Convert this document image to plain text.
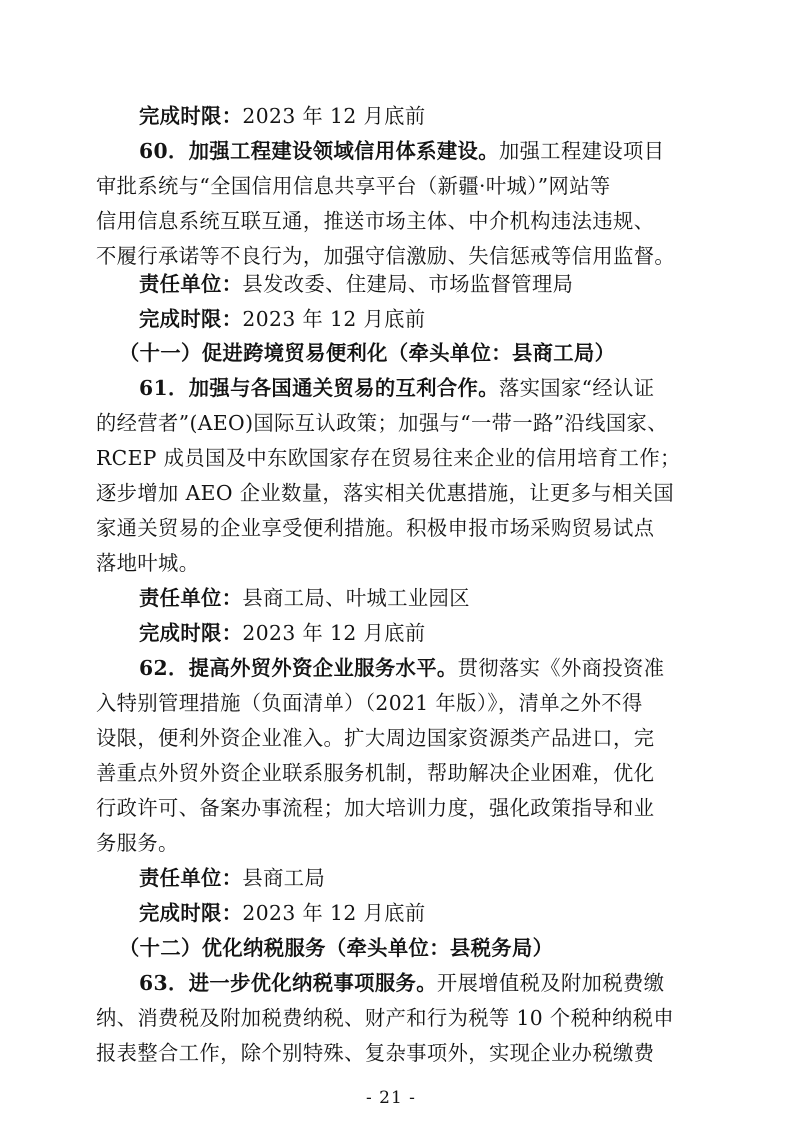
完成时限：2023 年 12 月底前
60．加强工程建设领域信用体系建设。加强工程建设项目
审批系统与“全国信用信息共享平台（新疆·叶城）”网站等
信用信息系统互联互通，推送市场主体、中介机构违法违规、
不履行承诺等不良行为，加强守信激励、失信惩戒等信用监督。
责任单位：县发改委、住建局、市场监督管理局
完成时限：2023 年 12 月底前
（十一）促进跨境贸易便利化（牵头单位：县商工局）
61．加强与各国通关贸易的互利合作。落实国家“经认证
的经营者”(AEO)国际互认政策；加强与“一带一路”沿线国家、
RCEP 成员国及中东欧国家存在贸易往来企业的信用培育工作；
逐步增加 AEO 企业数量，落实相关优惠措施，让更多与相关国
家通关贸易的企业享受便利措施。积极申报市场采购贸易试点
落地叶城。
责任单位：县商工局、叶城工业园区
完成时限：2023 年 12 月底前
62．提高外贸外资企业服务水平。贯彻落实《外商投资准
入特别管理措施（负面清单）（2021 年版）》，清单之外不得
设限，便利外资企业准入。扩大周边国家资源类产品进口，完
善重点外贸外资企业联系服务机制，帮助解决企业困难，优化
行政许可、备案办事流程；加大培训力度，强化政策指导和业
务服务。
责任单位：县商工局
完成时限：2023 年 12 月底前
（十二）优化纳税服务（牵头单位：县税务局）
63．进一步优化纳税事项服务。开展增值税及附加税费缴
纳、消费税及附加税费纳税、财产和行为税等 10 个税种纳税申
报表整合工作，除个别特殊、复杂事项外，实现企业办税缴费
- 21 -
